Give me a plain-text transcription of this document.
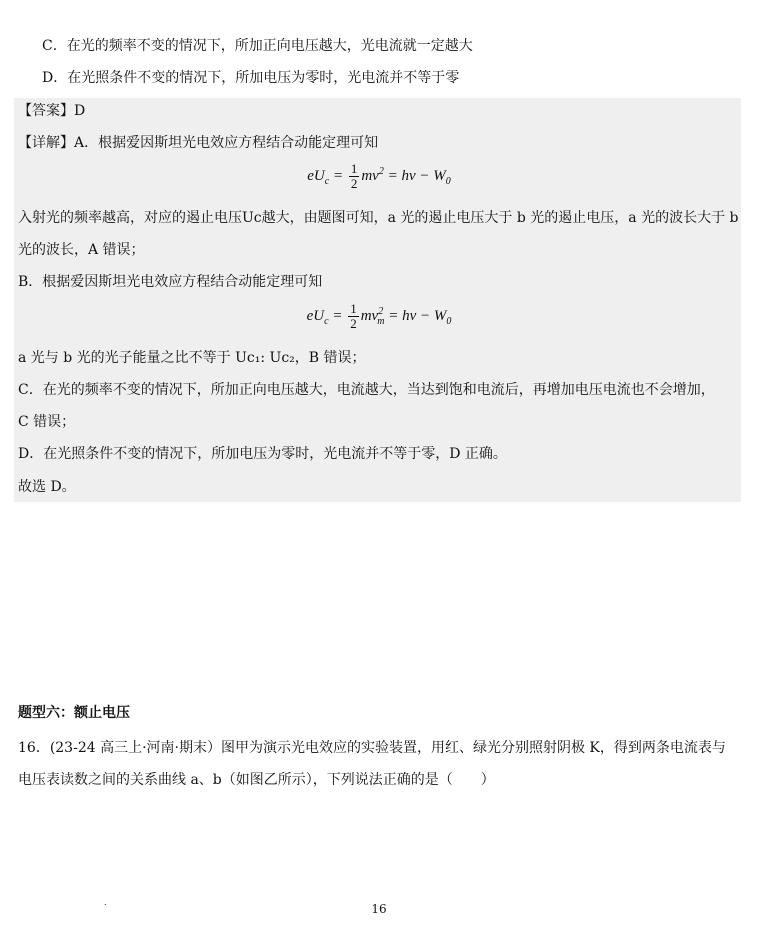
C．在光的频率不变的情况下，所加正向电压越大，光电流就一定越大
D．在光照条件不变的情况下，所加电压为零时，光电流并不等于零
【答案】D
【详解】A．根据爱因斯坦光电效应方程结合动能定理可知
$eU_c = \frac{1}{2} mv^2 = h\nu - W_0$
入射光的频率越高，对应的遏止电压Uc越大，由题图可知，a 光的遏止电压大于 b 光的遏止电压，a 光的波长大于 b
光的波长，A 错误；
B．根据爱因斯坦光电效应方程结合动能定理可知
$eU_c = \frac{1}{2} mv^2_m = h\nu - W_0$
a 光与 b 光的光子能量之比不等于 Uc₁: Uc₂，B 错误；
C．在光的频率不变的情况下，所加正向电压越大，电流越大，当达到饱和电流后，再增加电压电流也不会增加，
C 错误；
D．在光照条件不变的情况下，所加电压为零时，光电流并不等于零，D 正确。
故选 D。
题型六：额止电压
16．(23-24 高三上·河南·期末）图甲为演示光电效应的实验装置，用红、绿光分别照射阴极 K，得到两条电流表与
电压表读数之间的关系曲线 a、b（如图乙所示），下列说法正确的是（　　）
.	16
